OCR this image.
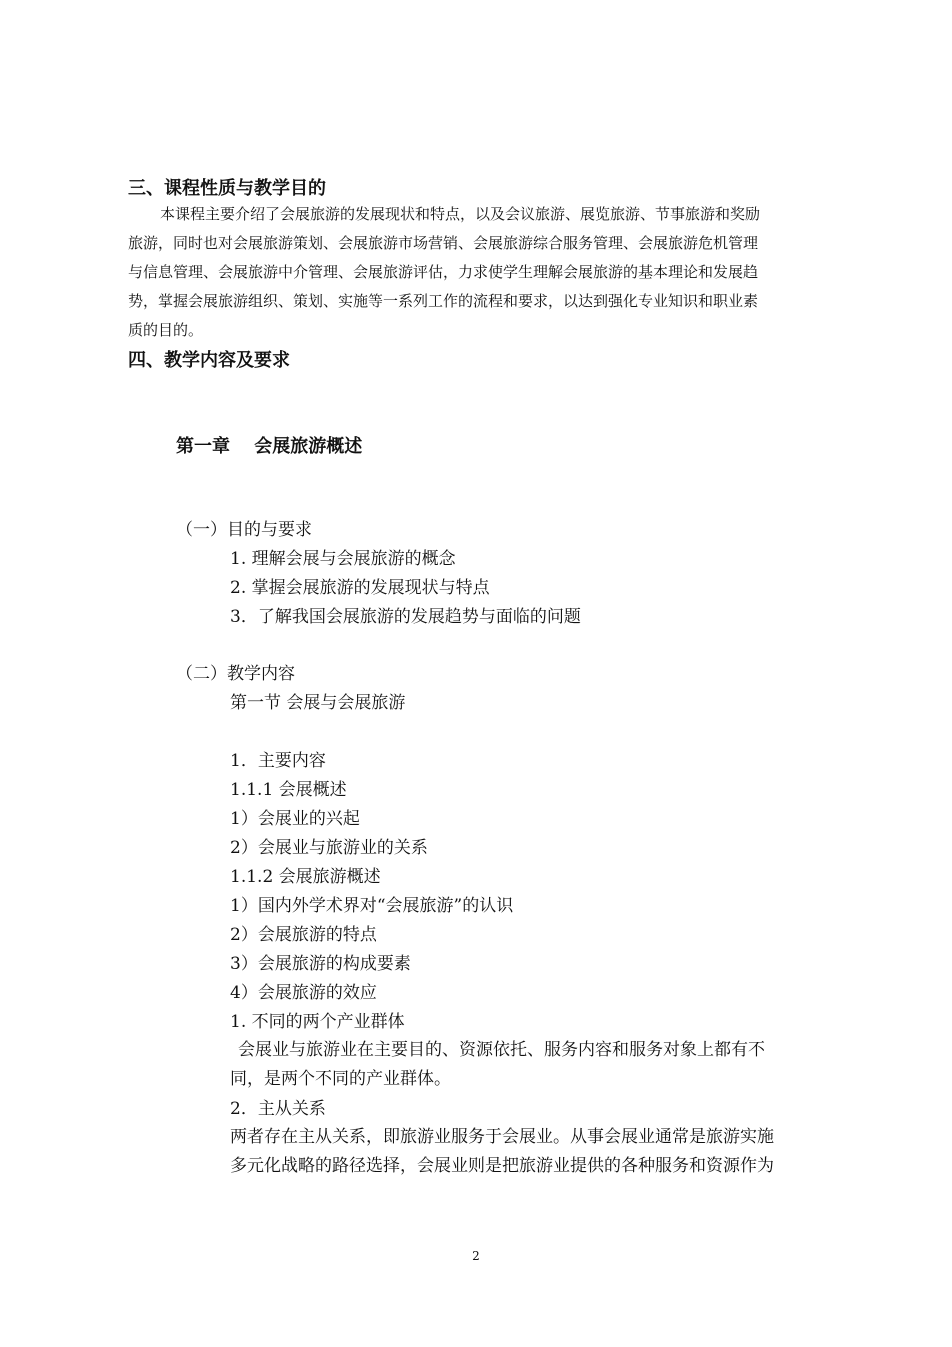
三、课程性质与教学目的

本课程主要介绍了会展旅游的发展现状和特点，以及会议旅游、展览旅游、节事旅游和奖励

旅游，同时也对会展旅游策划、会展旅游市场营销、会展旅游综合服务管理、会展旅游危机管理

与信息管理、会展旅游中介管理、会展旅游评估，力求使学生理解会展旅游的基本理论和发展趋

势，掌握会展旅游组织、策划、实施等一系列工作的流程和要求，以达到强化专业知识和职业素

质的目的。

四、教学内容及要求
第一章 会展旅游概述
（一）目的与要求
1. 理解会展与会展旅游的概念
2. 掌握会展旅游的发展现状与特点
3．了解我国会展旅游的发展趋势与面临的问题
（二）教学内容
第一节 会展与会展旅游
1．主要内容
1.1.1 会展概述
1）会展业的兴起
2）会展业与旅游业的关系
1.1.2 会展旅游概述
1）国内外学术界对“会展旅游”的认识
2）会展旅游的特点
3）会展旅游的构成要素
4）会展旅游的效应
1. 不同的两个产业群体
会展业与旅游业在主要目的、资源依托、服务内容和服务对象上都有不
同，是两个不同的产业群体。
2．主从关系
两者存在主从关系，即旅游业服务于会展业。从事会展业通常是旅游实施
多元化战略的路径选择，会展业则是把旅游业提供的各种服务和资源作为
2
